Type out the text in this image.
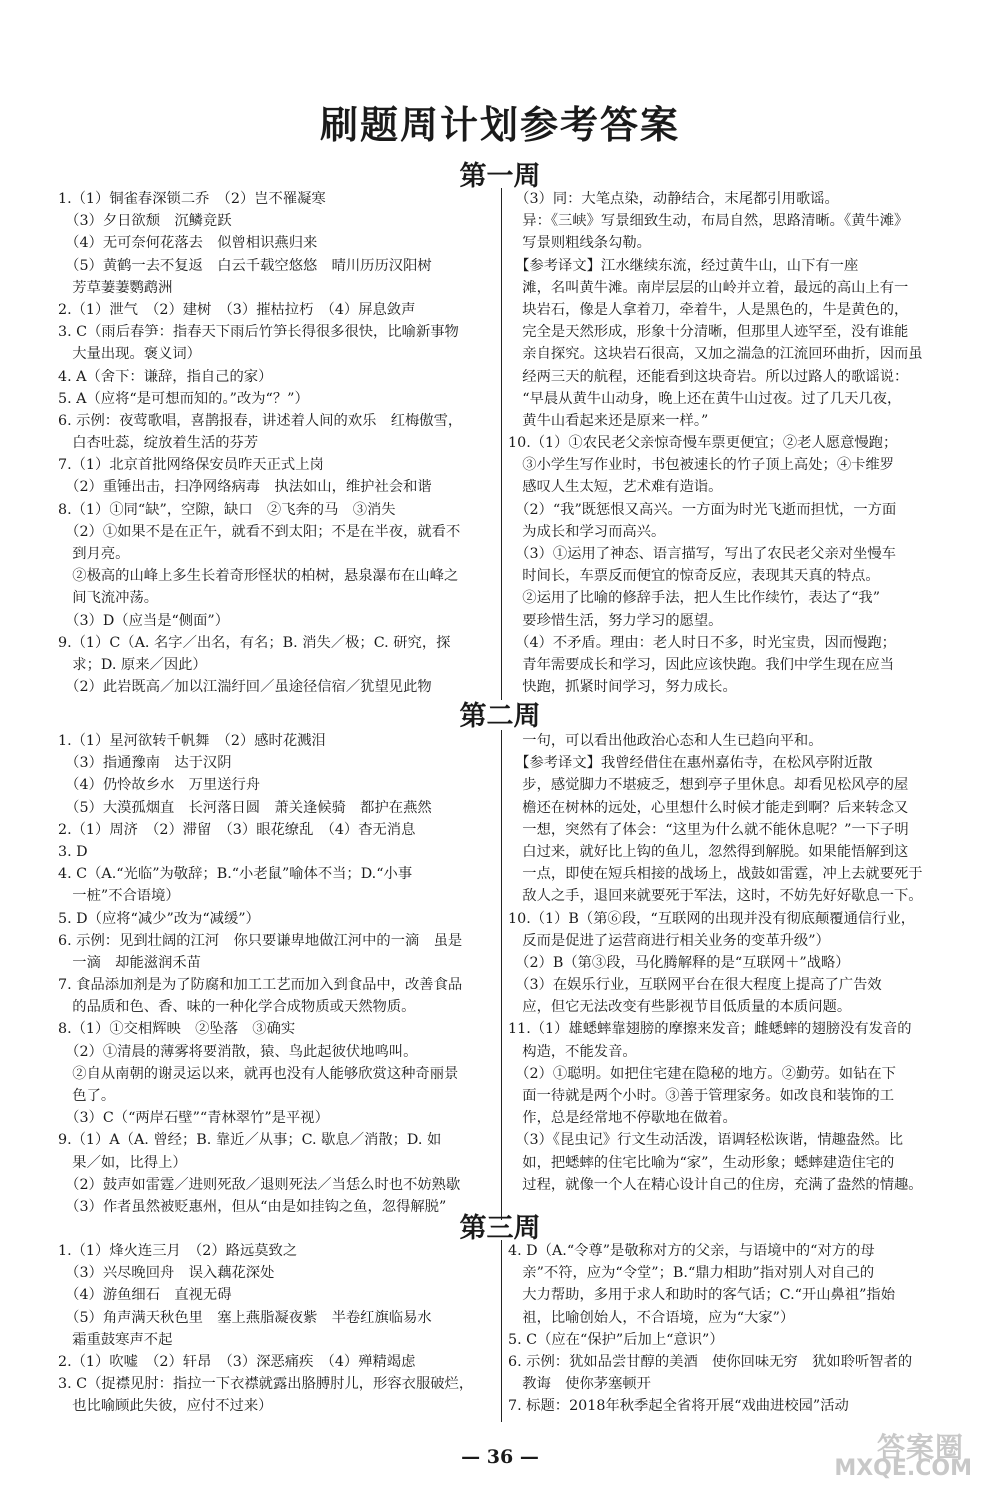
刷题周计划参考答案
第一周
1.（1）铜雀春深锁二乔　（2）岂不罹凝寒
　（3）夕日欲颓　沉鳞竞跃
　（4）无可奈何花落去　似曾相识燕归来
　（5）黄鹤一去不复返　白云千载空悠悠　晴川历历汉阳树
　芳草萋萋鹦鹉洲
2.（1）泄气　（2）建树　（3）摧枯拉朽　（4）屏息敛声
3. C（雨后春笋：指春天下雨后竹笋长得很多很快，比喻新事物
　大量出现。褒义词）
4. A（舍下：谦辞，指自己的家）
5. A（应将“是可想而知的。”改为“？”）
6. 示例：夜莺歌唱，喜鹊报春，讲述着人间的欢乐　红梅傲雪，
　白杏吐蕊，绽放着生活的芬芳
7.（1）北京首批网络保安员昨天正式上岗
　（2）重锤出击，扫净网络病毒　执法如山，维护社会和谐
8.（1）①同“缺”，空隙，缺口　②飞奔的马　③消失
　（2）①如果不是在正午，就看不到太阳；不是在半夜，就看不
　到月亮。
　②极高的山峰上多生长着奇形怪状的柏树，悬泉瀑布在山峰之
　间飞流冲荡。
　（3）D（应当是“侧面”）
9.（1）C（A. 名字／出名，有名；B. 消失／极；C. 研究，探
　求；D. 原来／因此）
　（2）此岩既高／加以江湍纡回／虽途径信宿／犹望见此物
　（3）同：大笔点染，动静结合，末尾都引用歌谣。
　异：《三峡》写景细致生动，布局自然，思路清晰。《黄牛滩》
　写景则粗线条勾勒。
　【参考译文】江水继续东流，经过黄牛山，山下有一座
　滩，名叫黄牛滩。南岸层层的山岭并立着，最远的高山上有一
　块岩石，像是人拿着刀，牵着牛，人是黑色的，牛是黄色的，
　完全是天然形成，形象十分清晰，但那里人迹罕至，没有谁能
　亲自探究。这块岩石很高，又加之湍急的江流回环曲折，因而虽
　经两三天的航程，还能看到这块奇岩。所以过路人的歌谣说：
　“早晨从黄牛山动身，晚上还在黄牛山过夜。过了几天几夜，
　黄牛山看起来还是原来一样。”
10.（1）①农民老父亲惊奇慢车票更便宜；②老人愿意慢跑；
　③小学生写作业时，书包被速长的竹子顶上高处；④卡维罗
　感叹人生太短，艺术难有造诣。
　（2）“我”既惩恨又高兴。一方面为时光飞逝而担忧，一方面
　为成长和学习而高兴。
　（3）①运用了神态、语言描写，写出了农民老父亲对坐慢车
　时间长，车票反而便宜的惊奇反应，表现其天真的特点。
　②运用了比喻的修辞手法，把人生比作续竹，表达了“我”
　要珍惜生活，努力学习的愿望。
　（4）不矛盾。理由：老人时日不多，时光宝贵，因而慢跑；
　青年需要成长和学习，因此应该快跑。我们中学生现在应当
　快跑，抓紧时间学习，努力成长。
第二周
1.（1）星河欲转千帆舞　（2）感时花溅泪
　（3）指通豫南　达于汉阴
　（4）仍怜故乡水　万里送行舟
　（5）大漠孤烟直　长河落日圆　萧关逢候骑　都护在燕然
2.（1）周济　（2）滞留　（3）眼花缭乱　（4）杳无消息
3. D
4. C（A.“光临”为敬辞；B.“小老鼠”喻体不当；D.“小事
　一桩”不合语境）
5. D（应将“减少”改为“减缓”）
6. 示例：见到壮阔的江河　你只要谦卑地做江河中的一滴　虽是
　一滴　却能滋润禾苗
7. 食品添加剂是为了防腐和加工工艺而加入到食品中，改善食品
　的品质和色、香、味的一种化学合成物质或天然物质。
8.（1）①交相辉映　②坠落　③确实
　（2）①清晨的薄雾将要消散，猿、鸟此起彼伏地鸣叫。
　②自从南朝的谢灵运以来，就再也没有人能够欣赏这种奇丽景
　色了。
　（3）C（“两岸石壁”“青林翠竹”是平视）
9.（1）A（A. 曾经；B. 靠近／从事；C. 歇息／消散；D. 如
　果／如，比得上）
　（2）鼓声如雷霆／进则死敌／退则死法／当恁么时也不妨熟歇
　（3）作者虽然被贬惠州，但从“由是如挂钩之鱼，忽得解脱”
　一句，可以看出他政治心态和人生已趋向平和。
　【参考译文】我曾经借住在惠州嘉佑寺，在松风亭附近散
　步，感觉脚力不堪疲乏，想到亭子里休息。却看见松风亭的屋
　檐还在树林的远处，心里想什么时候才能走到啊？后来转念又
　一想，突然有了体会：“这里为什么就不能休息呢？”一下子明
　白过来，就好比上钩的鱼儿，忽然得到解脱。如果能悟解到这
　一点，即使在短兵相接的战场上，战鼓如雷霆，冲上去就要死于
　敌人之手，退回来就要死于军法，这时，不妨先好好歇息一下。
10.（1）B（第⑥段，“互联网的出现并没有彻底颠覆通信行业，
　反而是促进了运营商进行相关业务的变革升级”）
　（2）B（第③段，马化腾解释的是“互联网＋”战略）
　（3）在娱乐行业，互联网平台在很大程度上提高了广告效
　应，但它无法改变有些影视节目低质量的本质问题。
11.（1）雄蟋蟀靠翅膀的摩擦来发音；雌蟋蟀的翅膀没有发音的
　构造，不能发音。
　（2）①聪明。如把住宅建在隐秘的地方。②勤劳。如钻在下
　面一待就是两个小时。③善于管理家务。如改良和装饰的工
　作，总是经常地不停歇地在做着。
　（3）《昆虫记》行文生动活泼，语调轻松诙谐，情趣盎然。比
　如，把蟋蟀的住宅比喻为“家”，生动形象；蟋蟀建造住宅的
　过程，就像一个人在精心设计自己的住房，充满了盎然的情趣。
第三周
1.（1）烽火连三月　（2）路远莫致之
　（3）兴尽晚回舟　误入藕花深处
　（4）游鱼细石　直视无碍
　（5）角声满天秋色里　塞上燕脂凝夜紫　半卷红旗临易水
　霜重鼓寒声不起
2.（1）吹嘘　（2）轩昂　（3）深恶痛疾　（4）殚精竭虑
3. C（捉襟见肘：指拉一下衣襟就露出胳膊肘儿，形容衣服破烂，
　也比喻顾此失彼，应付不过来）
4. D（A.“令尊”是敬称对方的父亲，与语境中的“对方的母
　亲”不符，应为“令堂”；B.“鼎力相助”指对别人对自己的
　大力帮助，多用于求人和助时的客气话；C.“开山鼻祖”指始
　祖，比喻创始人，不合语境，应为“大家”）
5. C（应在“保护”后加上“意识”）
6. 示例：犹如品尝甘醇的美酒　使你回味无穷　犹如聆听智者的
　教诲　使你茅塞顿开
7. 标题：2018年秋季起全省将开展“戏曲进校园”活动
— 36 —	答案圈
MXQE.COM
